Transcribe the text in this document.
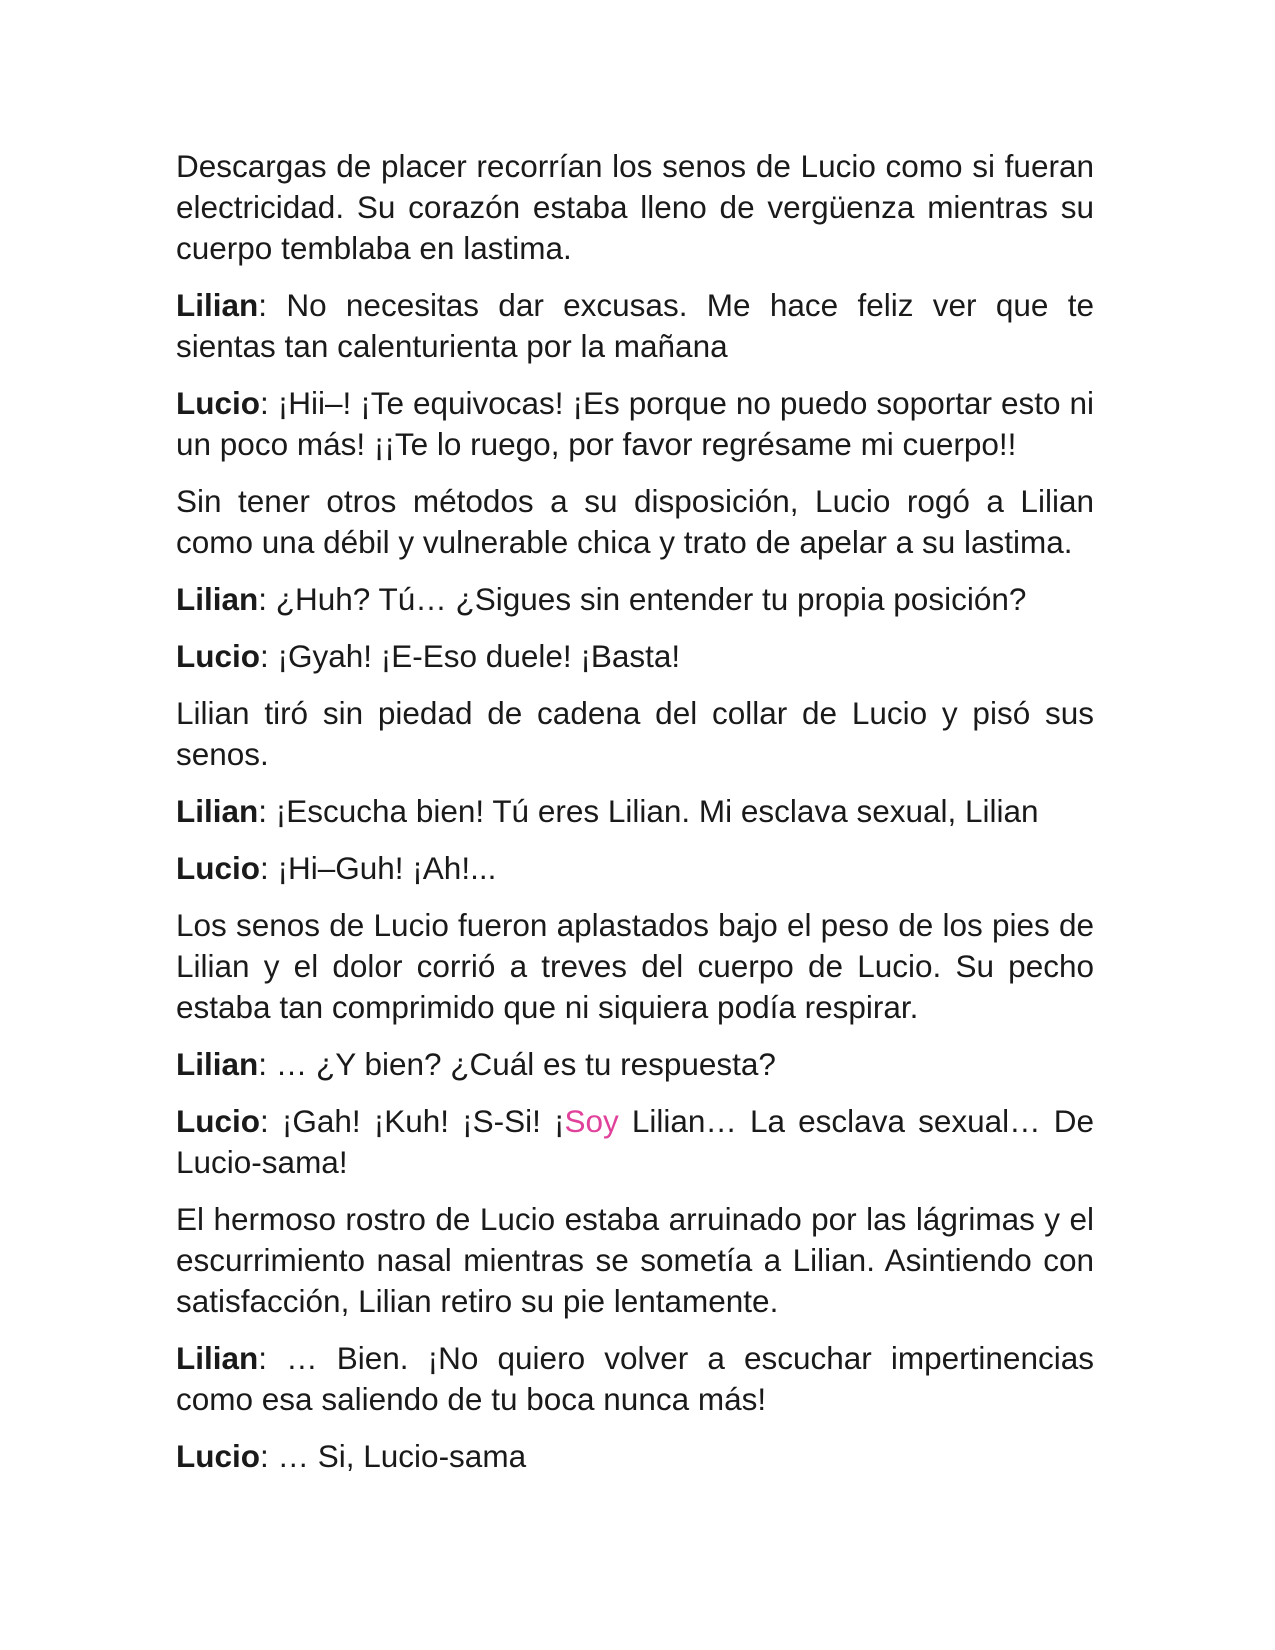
Descargas de placer recorrían los senos de Lucio como si fueran electricidad. Su corazón estaba lleno de vergüenza mientras su cuerpo temblaba en lastima.

Lilian: No necesitas dar excusas. Me hace feliz ver que te sientas tan calenturienta por la mañana

Lucio: ¡Hii–! ¡Te equivocas! ¡Es porque no puedo soportar esto ni un poco más! ¡¡Te lo ruego, por favor regrésame mi cuerpo!!

Sin tener otros métodos a su disposición, Lucio rogó a Lilian como una débil y vulnerable chica y trato de apelar a su lastima.

Lilian: ¿Huh? Tú… ¿Sigues sin entender tu propia posición?

Lucio: ¡Gyah! ¡E-Eso duele! ¡Basta!

Lilian tiró sin piedad de cadena del collar de Lucio y pisó sus senos.

Lilian: ¡Escucha bien! Tú eres Lilian. Mi esclava sexual, Lilian

Lucio: ¡Hi–Guh! ¡Ah!...

Los senos de Lucio fueron aplastados bajo el peso de los pies de Lilian y el dolor corrió a treves del cuerpo de Lucio. Su pecho estaba tan comprimido que ni siquiera podía respirar.

Lilian: … ¿Y bien? ¿Cuál es tu respuesta?

Lucio: ¡Gah! ¡Kuh! ¡S-Si! ¡Soy Lilian… La esclava sexual… De Lucio-sama!

El hermoso rostro de Lucio estaba arruinado por las lágrimas y el escurrimiento nasal mientras se sometía a Lilian. Asintiendo con satisfacción, Lilian retiro su pie lentamente.

Lilian: … Bien. ¡No quiero volver a escuchar impertinencias como esa saliendo de tu boca nunca más!

Lucio: … Si, Lucio-sama
